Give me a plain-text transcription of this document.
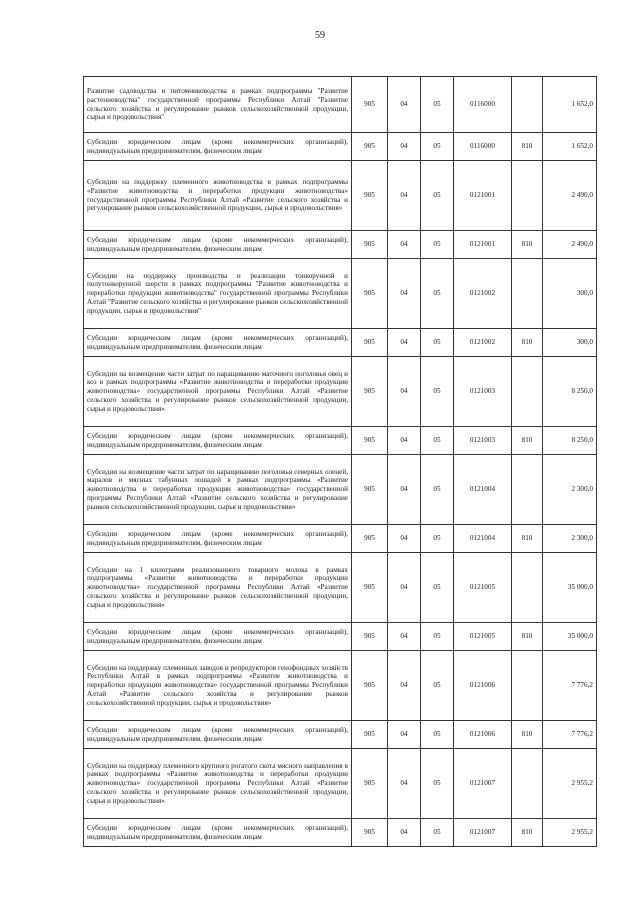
59
Развитие садоводства и питомниководства в рамках подпрограммы "Развитие растениеводства" государственной программы Республики Алтай "Развитие сельского хозяйства и регулирование рынков сельскохозяйственной продукции, сырья и продовольствия"	905	04	05	0116000		1 652,0
Субсидии юридическим лицам (кроме некоммерческих организаций), индивидуальным предпринимателям, физическим лицам	905	04	05	0116000	810	1 652,0
Субсидии на поддержку племенного животноводства в рамках подпрограммы «Развитие животноводства и переработки продукции животноводства» государственной программы Республики Алтай «Развитие сельского хозяйства и регулирование рынков сельскохозяйственной продукции, сырья и продовольствия»	905	04	05	0121001		2 490,0
Субсидии юридическим лицам (кроме некоммерческих организаций), индивидуальным предпринимателям, физическим лицам	905	04	05	0121001	810	2 490,0
Субсидии на поддержку производства и реализации тонкорунной и полутонкорунной шерсти в рамках подпрограммы "Развитие животноводства и переработки продукции животноводства" государственной программы Республики Алтай "Развитие сельского хозяйства и регулирование рынков сельскохозяйственной продукции, сырья и продовольствия"	905	04	05	0121002		300,0
Субсидии юридическим лицам (кроме некоммерческих организаций), индивидуальным предпринимателям, физическим лицам	905	04	05	0121002	810	300,0
Субсидии на возмещение части затрат по наращиванию маточного поголовья овец и коз в рамках подпрограммы «Развитие животноводства и переработки продукции животноводства» государственной программы Республики Алтай «Развитие сельского хозяйства и регулирование рынков сельскохозяйственной продукции, сырья и продовольствия»	905	04	05	0121003		8 250,0
Субсидии юридическим лицам (кроме некоммерческих организаций), индивидуальным предпринимателям, физическим лицам	905	04	05	0121003	810	8 250,0
Субсидии на возмещение части затрат по наращиванию поголовья северных оленей, маралов и мясных табунных лошадей в рамках подпрограммы «Развитие животноводства и переработки продукции животноводства» государственной программы Республики Алтай «Развитие сельского хозяйства и регулирование рынков сельскохозяйственной продукции, сырья и продовольствия»	905	04	05	0121004		2 300,0
Субсидии юридическим лицам (кроме некоммерческих организаций), индивидуальным предпринимателям, физическим лицам	905	04	05	0121004	810	2 300,0
Субсидии на 1 килограмм реализованного товарного молока в рамках подпрограммы «Развитие животноводства и переработки продукции животноводства» государственной программы Республики Алтай «Развитие сельского хозяйства и регулирование рынков сельскохозяйственной продукции, сырья и продовольствия»	905	04	05	0121005		35 000,0
Субсидии юридическим лицам (кроме некоммерческих организаций), индивидуальным предпринимателям, физическим лицам	905	04	05	0121005	810	35 000,0
Субсидии на поддержку племенных заводов и репродукторов генофондных хозяйств Республики Алтай в рамках подпрограммы «Развитие животноводства и переработки продукции животноводства» государственной программы Республики Алтай «Развитие сельского хозяйства и регулирование рынков сельскохозяйственной продукции, сырья и продовольствия»	905	04	05	0121006		7 776,2
Субсидии юридическим лицам (кроме некоммерческих организаций), индивидуальным предпринимателям, физическим лицам	905	04	05	0121006	810	7 776,2
Субсидии на поддержку племенного крупного рогатого скота мясного направления в рамках подпрограммы «Развитие животноводства и переработки продукции животноводства» государственной программы Республики Алтай «Развитие сельского хозяйства и регулирование рынков сельскохозяйственной продукции, сырья и продовольствия»	905	04	05	0121007		2 955,2
Субсидии юридическим лицам (кроме некоммерческих организаций), индивидуальным предпринимателям, физическим лицам	905	04	05	0121007	810	2 955,2
